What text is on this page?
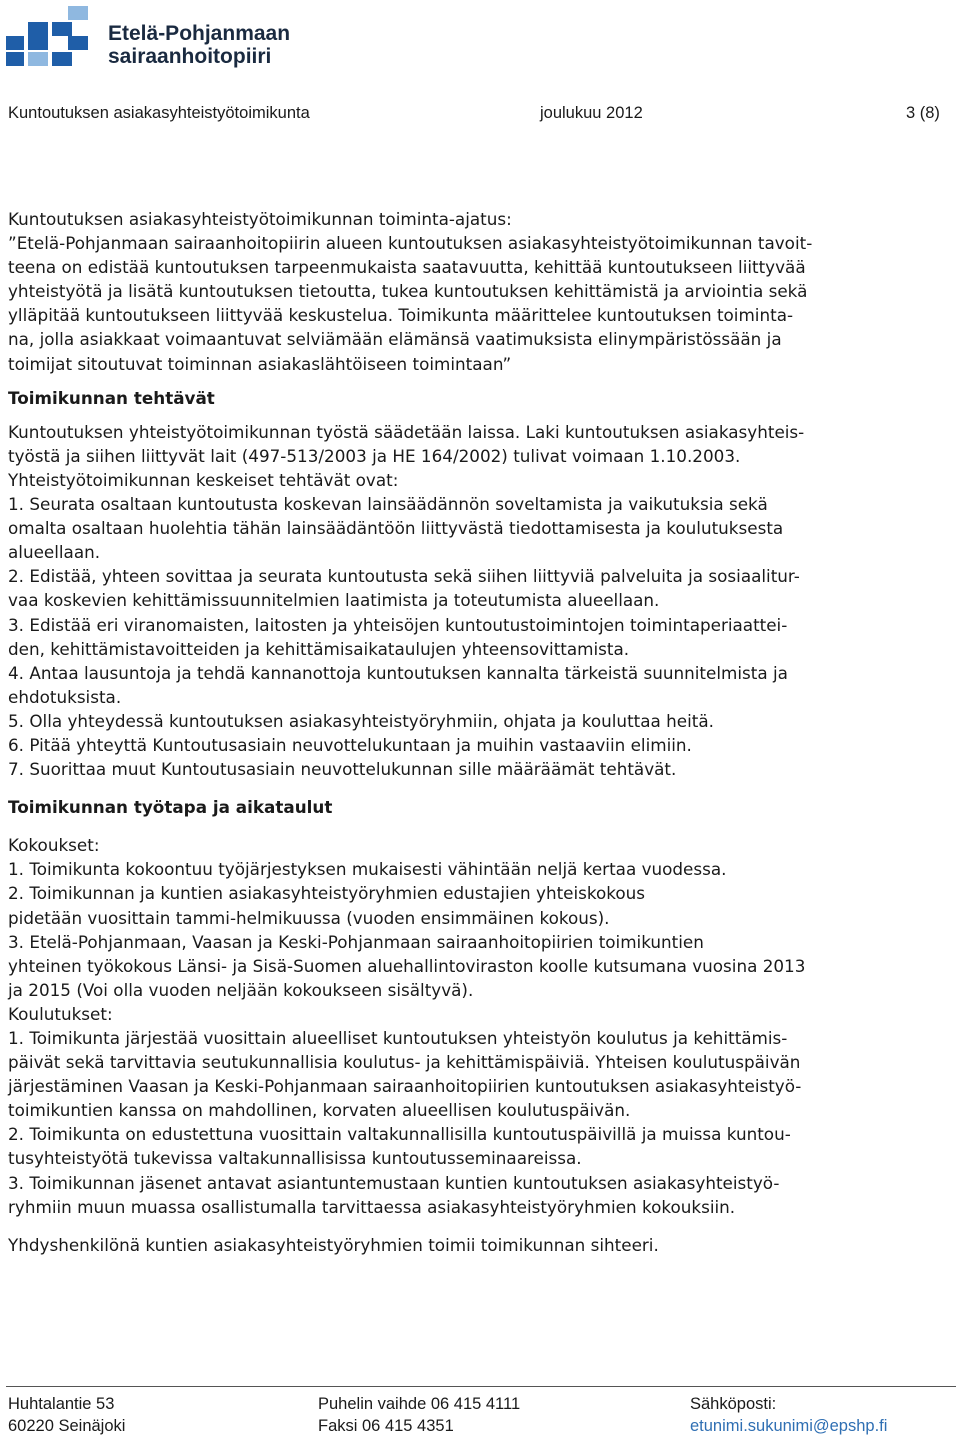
Etelä-Pohjanmaan
sairaanhoitopiiri
Kuntoutuksen asiakasyhteistyötoimikunta	joulukuu 2012	3 (8)

Kuntoutuksen asiakasyhteistyötoimikunnan toiminta-ajatus:

”Etelä-Pohjanmaan sairaanhoitopiirin alueen kuntoutuksen asiakasyhteistyötoimikunnan tavoit-

teena on edistää kuntoutuksen tarpeenmukaista saatavuutta, kehittää kuntoutukseen liittyvää

yhteistyötä ja lisätä kuntoutuksen tietoutta, tukea kuntoutuksen kehittämistä ja arviointia sekä

ylläpitää kuntoutukseen liittyvää keskustelua. Toimikunta määrittelee kuntoutuksen toiminta-

na, jolla asiakkaat voimaantuvat selviämään elämänsä vaatimuksista elinympäristössään ja

toimijat sitoutuvat toiminnan asiakaslähtöiseen toimintaan”

Toimikunnan tehtävät

Kuntoutuksen yhteistyötoimikunnan työstä säädetään laissa. Laki kuntoutuksen asiakasyhteis-

työstä ja siihen liittyvät lait (497-513/2003 ja HE 164/2002) tulivat voimaan 1.10.2003.

Yhteistyötoimikunnan keskeiset tehtävät ovat:

1. Seurata osaltaan kuntoutusta koskevan lainsäädännön soveltamista ja vaikutuksia sekä

omalta osaltaan huolehtia tähän lainsäädäntöön liittyvästä tiedottamisesta ja koulutuksesta

alueellaan.

2. Edistää, yhteen sovittaa ja seurata kuntoutusta sekä siihen liittyviä palveluita ja sosiaalitur-

vaa koskevien kehittämissuunnitelmien laatimista ja toteutumista alueellaan.

3. Edistää eri viranomaisten, laitosten ja yhteisöjen kuntoutustoimintojen toimintaperiaattei-

den, kehittämistavoitteiden ja kehittämisaikataulujen yhteensovittamista.

4. Antaa lausuntoja ja tehdä kannanottoja kuntoutuksen kannalta tärkeistä suunnitelmista ja

ehdotuksista.

5. Olla yhteydessä kuntoutuksen asiakasyhteistyöryhmiin, ohjata ja kouluttaa heitä.

6. Pitää yhteyttä Kuntoutusasiain neuvottelukuntaan ja muihin vastaaviin elimiin.

7. Suorittaa muut Kuntoutusasiain neuvottelukunnan sille määräämät tehtävät.

Toimikunnan työtapa ja aikataulut

Kokoukset:

1. Toimikunta kokoontuu työjärjestyksen mukaisesti vähintään neljä kertaa vuodessa.

2. Toimikunnan ja kuntien asiakasyhteistyöryhmien edustajien yhteiskokous

pidetään vuosittain tammi-helmikuussa (vuoden ensimmäinen kokous).

3. Etelä-Pohjanmaan, Vaasan ja Keski-Pohjanmaan sairaanhoitopiirien toimikuntien

yhteinen työkokous Länsi- ja Sisä-Suomen aluehallintoviraston koolle kutsumana vuosina 2013

ja 2015 (Voi olla vuoden neljään kokoukseen sisältyvä).

Koulutukset:

1. Toimikunta järjestää vuosittain alueelliset kuntoutuksen yhteistyön koulutus ja kehittämis-

päivät sekä tarvittavia seutukunnallisia koulutus- ja kehittämispäiviä. Yhteisen koulutuspäivän

järjestäminen Vaasan ja Keski-Pohjanmaan sairaanhoitopiirien kuntoutuksen asiakasyhteistyö-

toimikuntien kanssa on mahdollinen, korvaten alueellisen koulutuspäivän.

2. Toimikunta on edustettuna vuosittain valtakunnallisilla kuntoutuspäivillä ja muissa kuntou-

tusyhteistyötä tukevissa valtakunnallisissa kuntoutusseminaareissa.

3. Toimikunnan jäsenet antavat asiantuntemustaan kuntien kuntoutuksen asiakasyhteistyö-

ryhmiin muun muassa osallistumalla tarvittaessa asiakasyhteistyöryhmien kokouksiin.

Yhdyshenkilönä kuntien asiakasyhteistyöryhmien toimii toimikunnan sihteeri.

Huhtalantie 53
60220 Seinäjoki
Puhelin vaihde 06 415 4111
Faksi 06 415 4351
Sähköposti:
etunimi.sukunimi@epshp.fi
